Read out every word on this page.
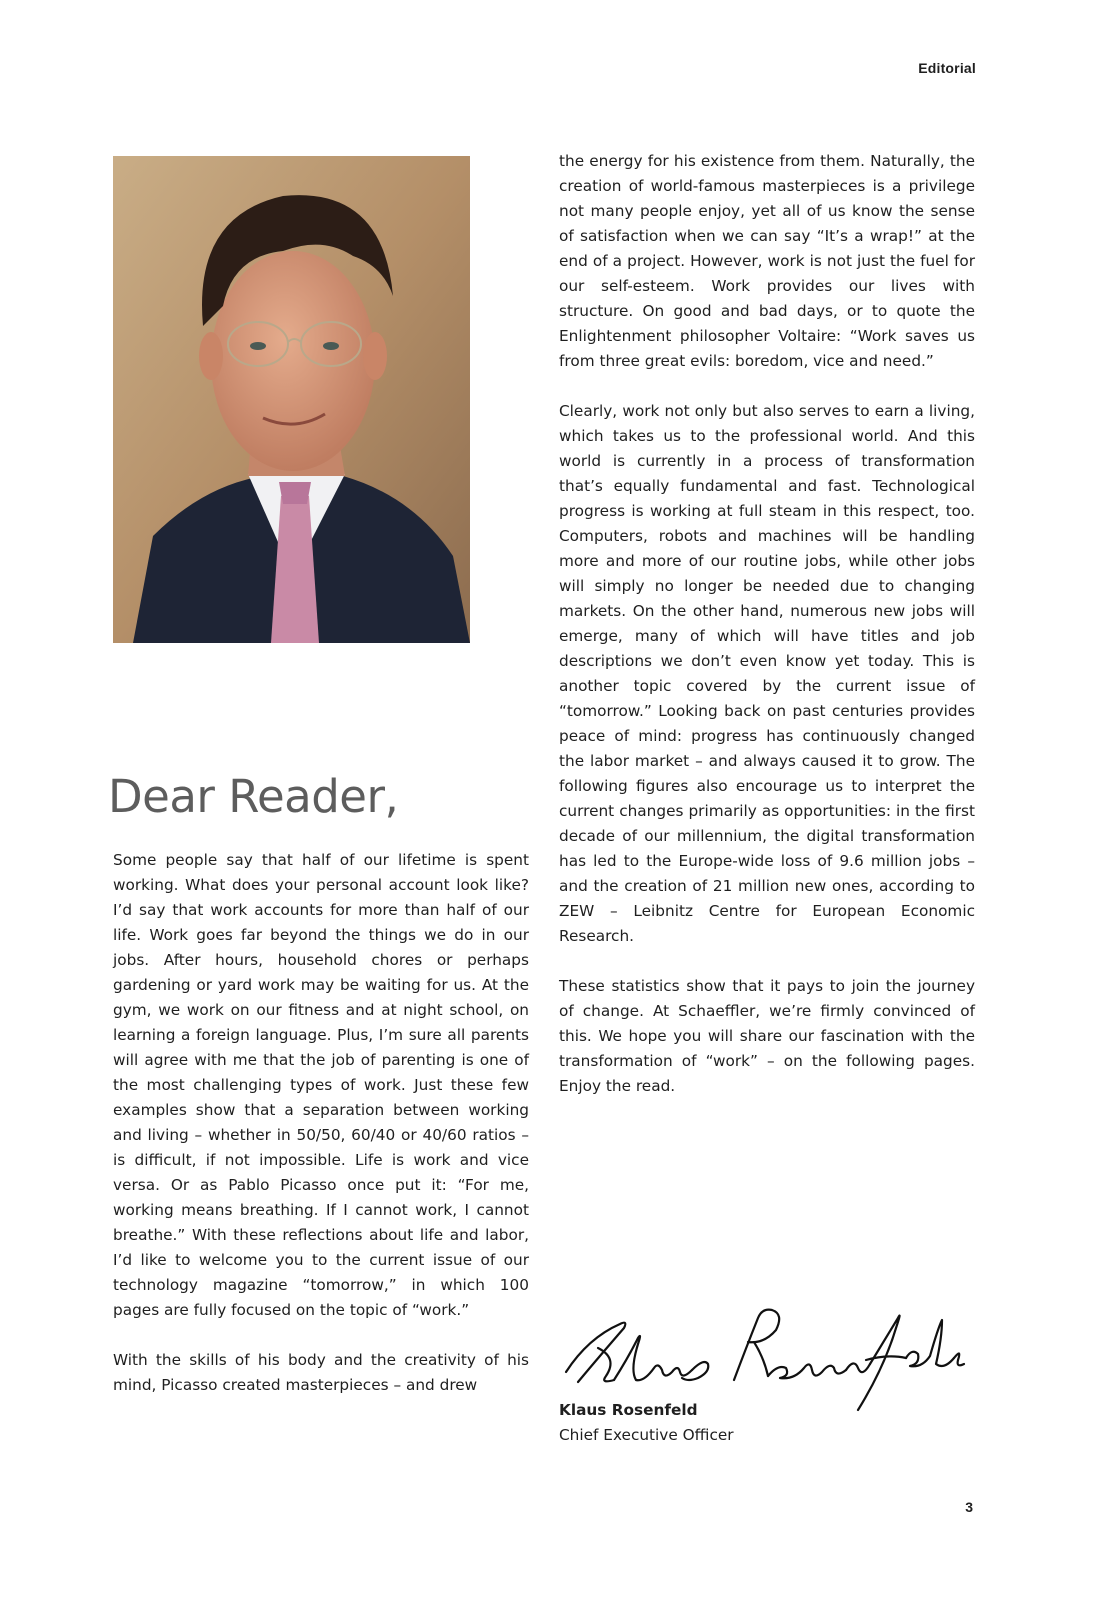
Editorial
Dear Reader,

Some people say that half of our lifetime is spent working. What does your personal account look like? I’d say that work accounts for more than half of our life. Work goes far beyond the things we do in our jobs. After hours, household chores or perhaps gardening or yard work may be waiting for us. At the gym, we work on our fitness and at night school, on learning a foreign language. Plus, I’m sure all parents will agree with me that the job of parenting is one of the most challenging types of work. Just these few examples show that a separation between working and living – whether in 50/50, 60/40 or 40/60 ratios – is difficult, if not impossible. Life is work and vice versa. Or as Pablo Picasso once put it: “For me, working means breathing. If I cannot work, I cannot breathe.” With these reflections about life and labor, I’d like to welcome you to the current issue of our technology magazine “tomorrow,” in which 100 pages are fully focused on the topic of “work.”

With the skills of his body and the creativity of his mind, Picasso created masterpieces – and drew

the energy for his existence from them. Naturally, the creation of world-famous masterpieces is a privilege not many people enjoy, yet all of us know the sense of satisfaction when we can say “It’s a wrap!” at the end of a project. However, work is not just the fuel for our self-esteem. Work provides our lives with structure. On good and bad days, or to quote the Enlightenment philosopher Voltaire: “Work saves us from three great evils: boredom, vice and need.”

Clearly, work not only but also serves to earn a living, which takes us to the professional world. And this world is currently in a process of transformation that’s equally fundamental and fast. Technological progress is working at full steam in this respect, too. Computers, robots and machines will be handling more and more of our routine jobs, while other jobs will simply no longer be needed due to changing markets. On the other hand, numerous new jobs will emerge, many of which will have titles and job descriptions we don’t even know yet today. This is another topic covered by the current issue of “tomorrow.” Looking back on past centuries provides peace of mind: progress has continuously changed the labor market – and always caused it to grow. The following figures also encourage us to interpret the current changes primarily as opportunities: in the first decade of our millennium, the digital transformation has led to the Europe-wide loss of 9.6 million jobs – and the creation of 21 million new ones, according to ZEW – Leibnitz Centre for European Economic Research.

These statistics show that it pays to join the journey of change. At Schaeffler, we’re firmly convinced of this. We hope you will share our fascination with the transformation of “work” – on the following pages. Enjoy the read.

Klaus Rosenfeld
Chief Executive Officer
3
